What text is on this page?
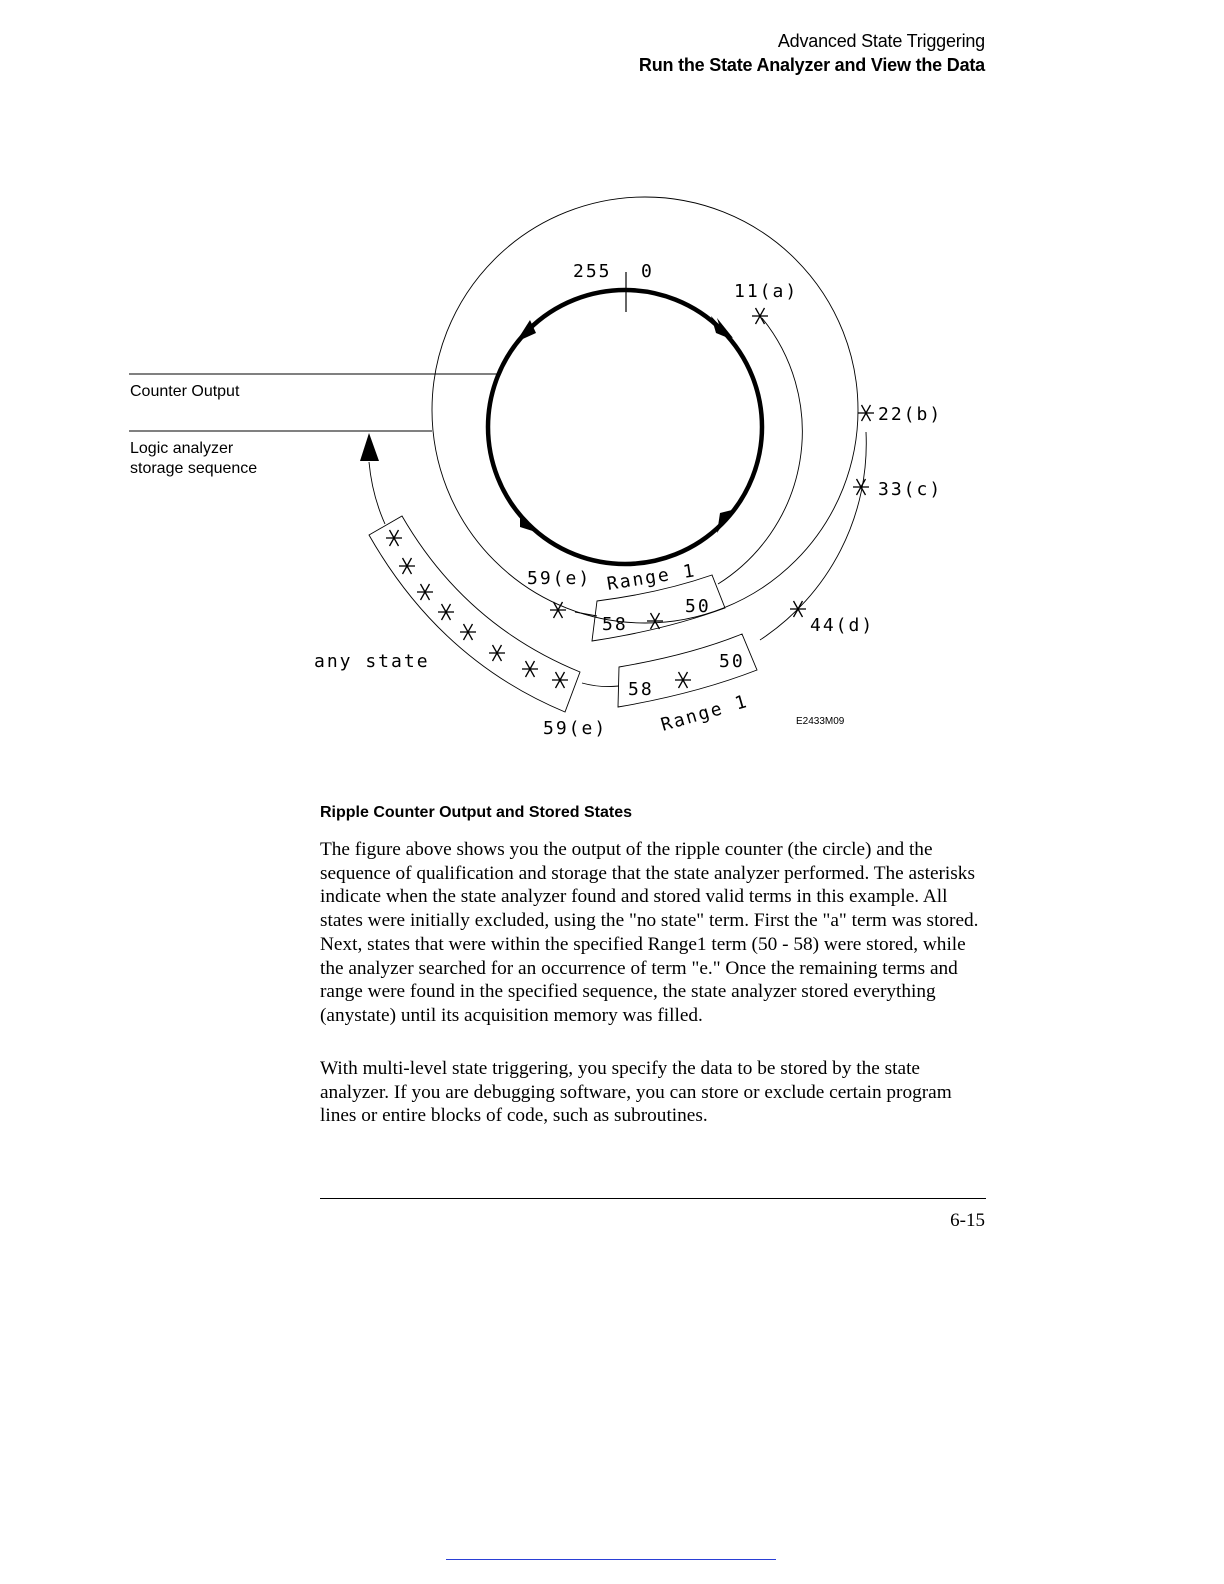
Advanced State Triggering
Run the State Analyzer and View the Data
Counter Output
Logic analyzer
storage sequence
255 0
11(a)
22(b)
33(c)
44(d)
59(e)
59(e)
Range 1
Range 1
50
58
50
58
any state
E2433M09
Ripple Counter Output and Stored States

The figure above shows you the output of the ripple counter (the circle) and the sequence of qualification and storage that the state analyzer performed. The asterisks indicate when the state analyzer found and stored valid terms in this example. All states were initially excluded, using the "no state" term. First the "a" term was stored. Next, states that were within the specified Range1 term (50 - 58) were stored, while the analyzer searched for an occurrence of term "e." Once the remaining terms and range were found in the specified sequence, the state analyzer stored everything (anystate) until its acquisition memory was filled.

With multi-level state triggering, you specify the data to be stored by the state analyzer. If you are debugging software, you can store or exclude certain program lines or entire blocks of code, such as subroutines.

6-15
